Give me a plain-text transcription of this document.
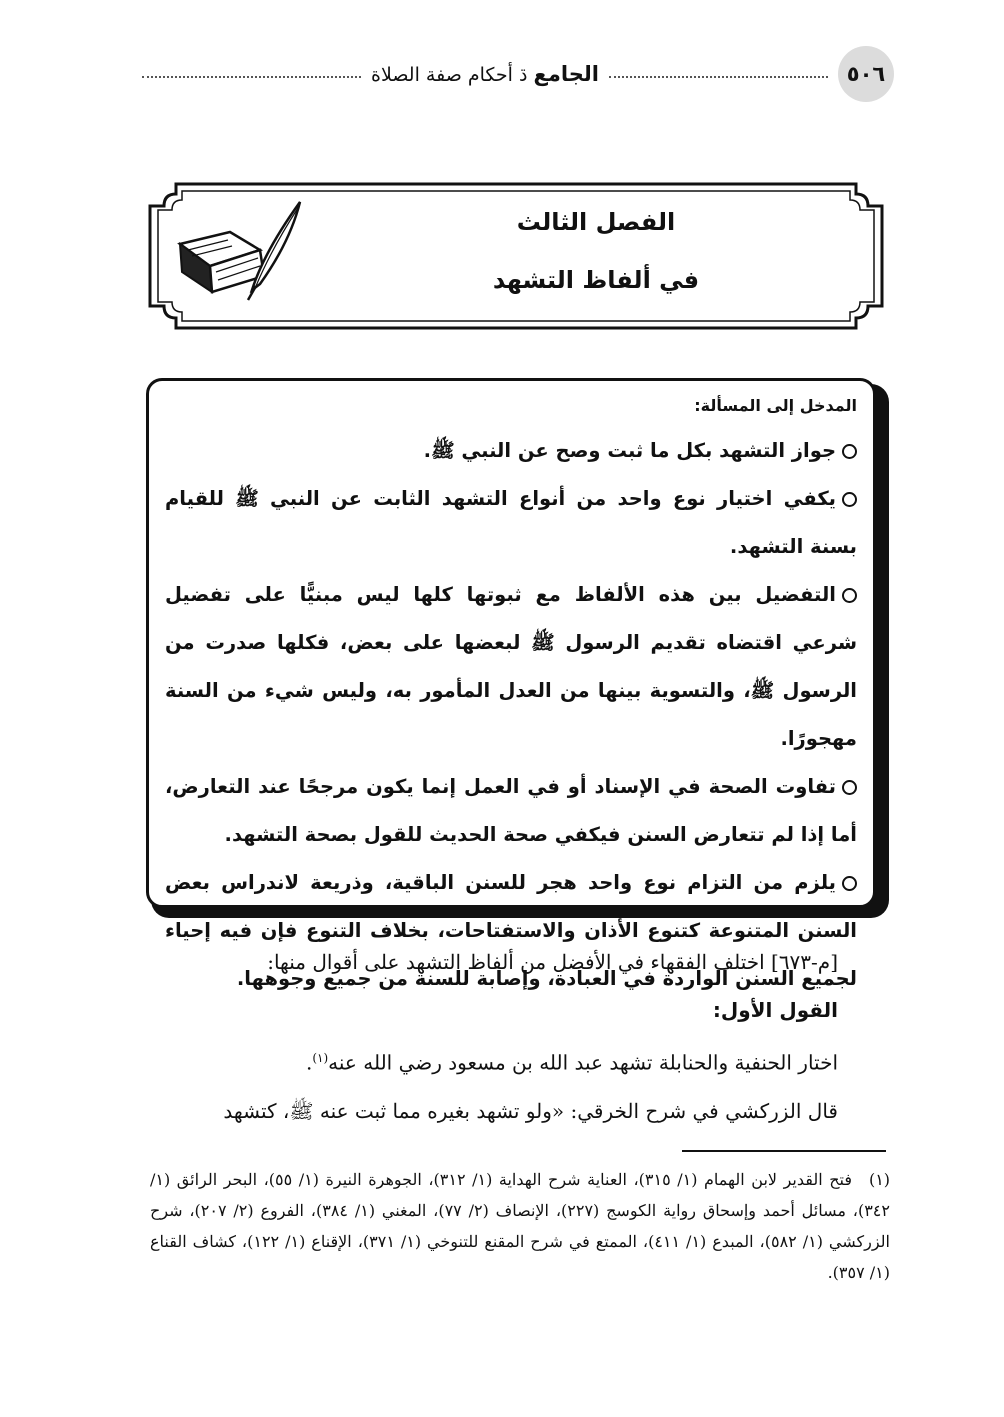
٥٠٦
الجامع ﮄ أحكام صفة الصلاة
الفصل الثالث
في ألفاظ التشهد
المدخل إلى المسألة:

جواز التشهد بكل ما ثبت وصح عن النبي ﷺ.

يكفي اختيار نوع واحد من أنواع التشهد الثابت عن النبي ﷺ للقيام بسنة التشهد.

التفضيل بين هذه الألفاظ مع ثبوتها كلها ليس مبنيًّا على تفضيل شرعي اقتضاه تقديم الرسول ﷺ لبعضها على بعض، فكلها صدرت من الرسول ﷺ، والتسوية بينها من العدل المأمور به، وليس شيء من السنة مهجورًا.

تفاوت الصحة في الإسناد أو في العمل إنما يكون مرجحًا عند التعارض، أما إذا لم تتعارض السنن فيكفي صحة الحديث للقول بصحة التشهد.

يلزم من التزام نوع واحد هجر للسنن الباقية، وذريعة لاندراس بعض السنن المتنوعة كتنوع الأذان والاستفتاحات، بخلاف التنوع فإن فيه إحياء لجميع السنن الواردة في العبادة، وإصابة للسنة من جميع وجوهها.

[م-٦٧٣] اختلف الفقهاء في الأفضل من ألفاظ التشهد على أقوال منها:

القول الأول:

اختار الحنفية والحنابلة تشهد عبد الله بن مسعود رضي الله عنه$^{(١)}$.

قال الزركشي في شرح الخرقي: «ولو تشهد بغيره مما ثبت عنه ﷺ، كتشهد

(١)فتح القدير لابن الهمام (١/ ٣١٥)، العناية شرح الهداية (١/ ٣١٢)، الجوهرة النيرة (١/ ٥٥)، البحر الرائق (١/ ٣٤٢)، مسائل أحمد وإسحاق رواية الكوسج (٢٢٧)، الإنصاف (٢/ ٧٧)، المغني (١/ ٣٨٤)، الفروع (٢/ ٢٠٧)، شرح الزركشي (١/ ٥٨٢)، المبدع (١/ ٤١١)، الممتع في شرح المقنع للتنوخي (١/ ٣٧١)، الإقناع (١/ ١٢٢)، كشاف القناع (١/ ٣٥٧).
